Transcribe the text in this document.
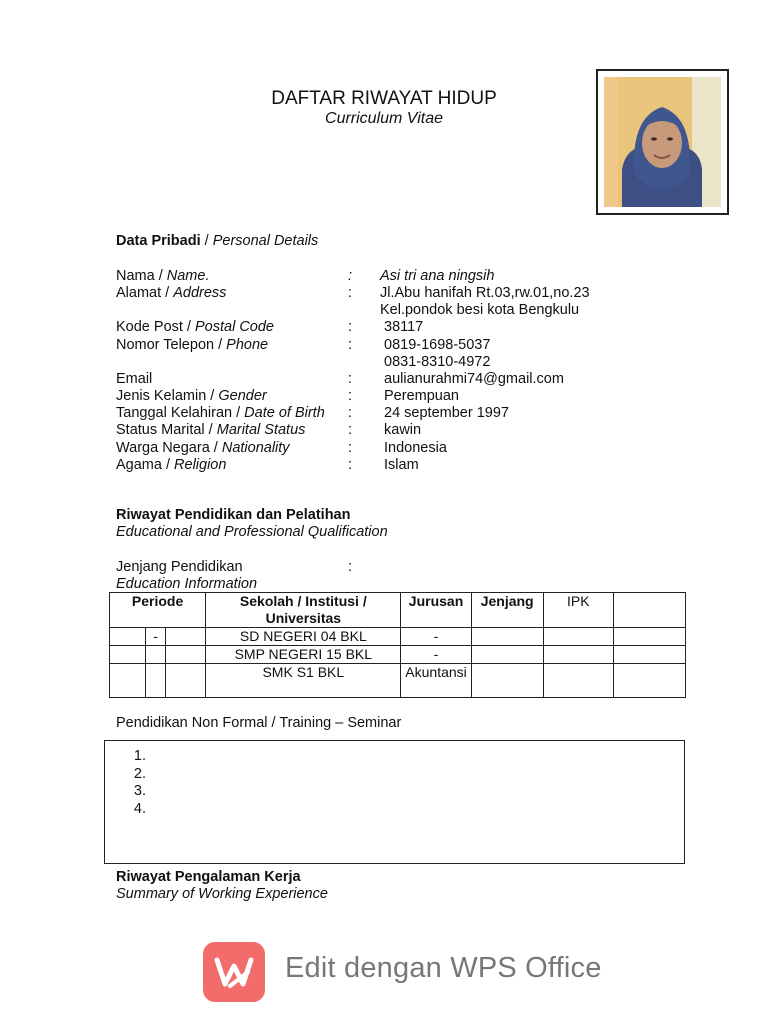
DAFTAR RIWAYAT HIDUP
Curriculum Vitae
Data Pribadi / Personal Details
Nama / Name.	: Asi tri ana ningsih
Alamat / Address	: Jl.Abu hanifah Rt.03,rw.01,no.23
Kel.pondok besi kota Bengkulu
Kode Post / Postal Code	: 38117
Nomor Telepon / Phone	: 0819-1698-5037
0831-8310-4972
Email	: aulianurahmi74@gmail.com
Jenis Kelamin / Gender	: Perempuan
Tanggal Kelahiran / Date of Birth : 24 september 1997
Status Marital / Marital Status	: kawin
Warga Negara / Nationality	: Indonesia
Agama / Religion	: Islam
Riwayat Pendidikan dan Pelatihan
Educational and Professional Qualification
Jenjang Pendidikan	:
Education Information
Periode			Sekolah / Institusi / Universitas	Jurusan	Jenjang	IPK	
	-		SD NEGERI 04 BKL	-			
			SMP NEGERI 15 BKL	-			
			SMK S1 BKL	Akuntansi			
Pendidikan Non Formal / Training – Seminar
1.
2.
3.
4.
Riwayat Pengalaman Kerja
Summary of Working Experience
Edit dengan WPS Office
